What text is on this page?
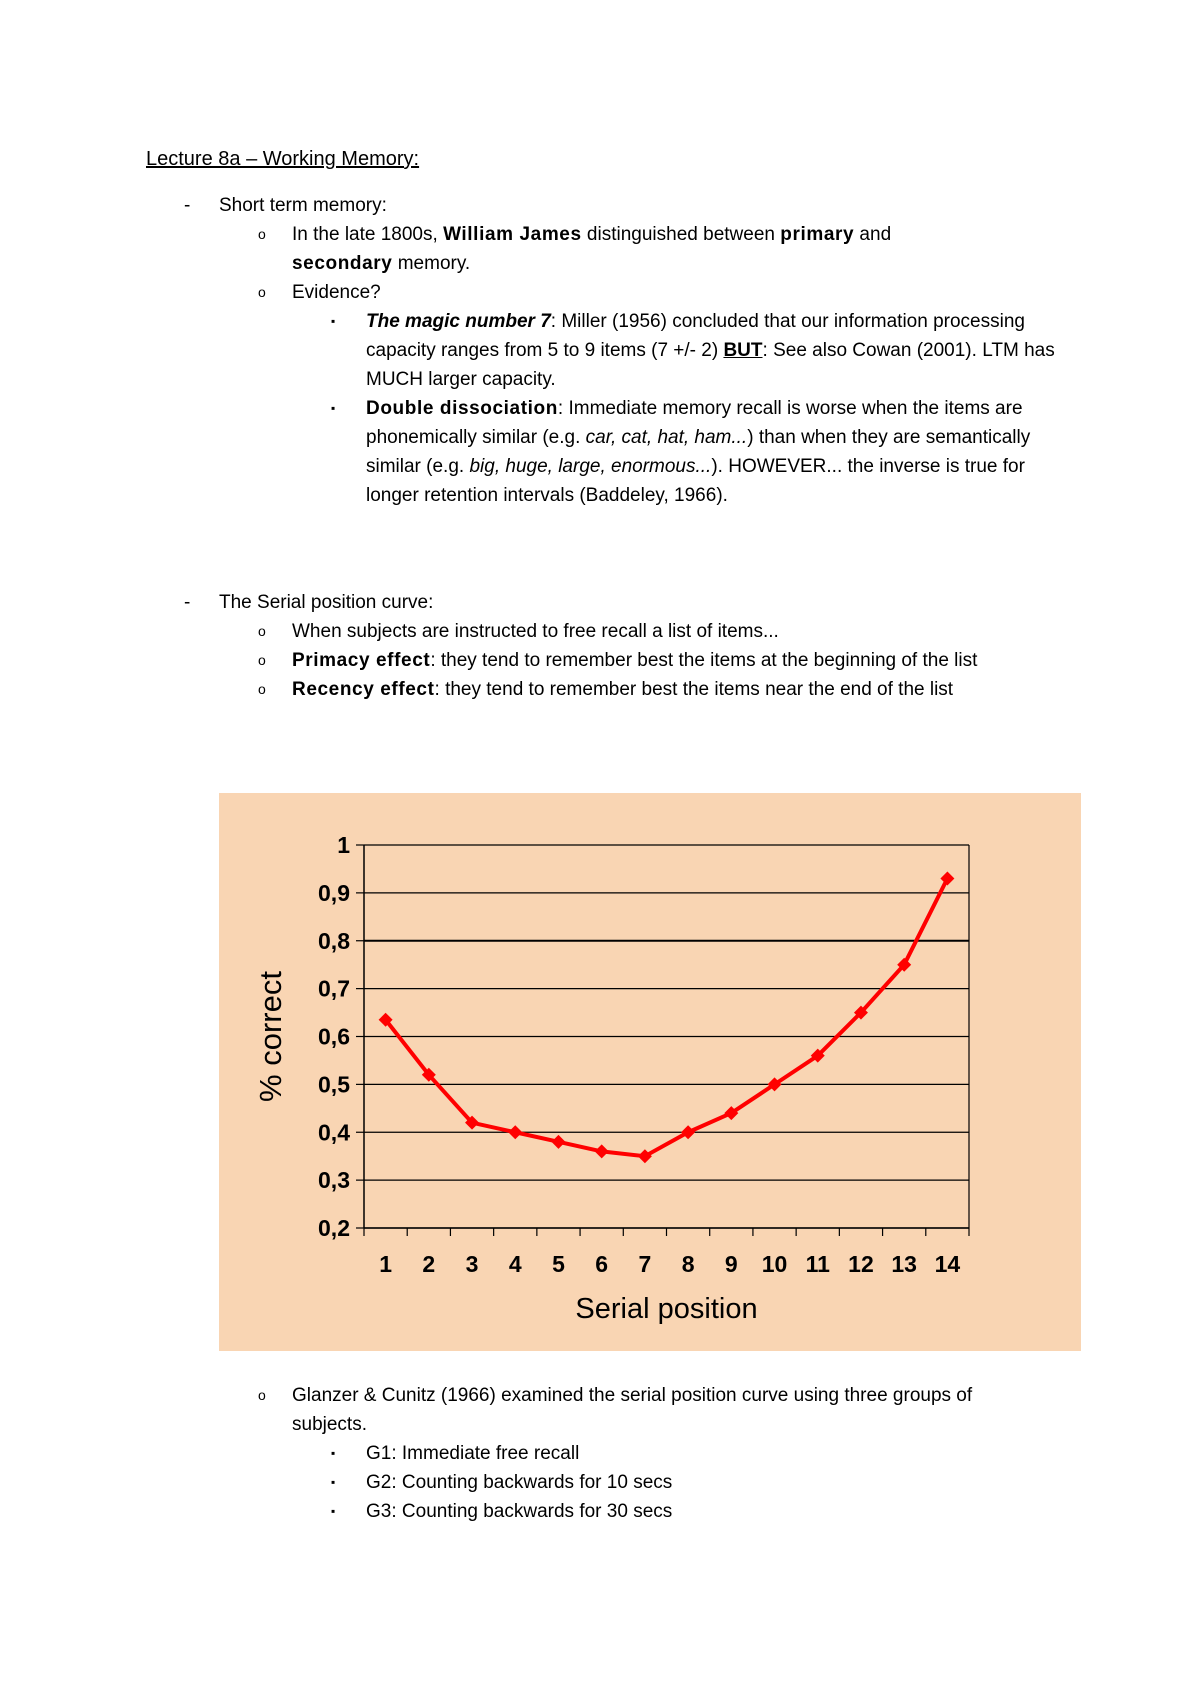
Lecture 8a – Working Memory:
- Short term memory:
o In the late 1800s, William James distinguished between primary and
secondary memory.
o Evidence?
▪ The magic number 7: Miller (1956) concluded that our information processing capacity ranges from 5 to 9 items (7 +/- 2) BUT: See also Cowan (2001). LTM has MUCH larger capacity.
▪ Double dissociation: Immediate memory recall is worse when the items are phonemically similar (e.g. car, cat, hat, ham...) than when they are semantically similar (e.g. big, huge, large, enormous...). HOWEVER... the inverse is true for longer retention intervals (Baddeley, 1966).
- The Serial position curve:
o When subjects are instructed to free recall a list of items...
o Primacy effect: they tend to remember best the items at the beginning of the list
o Recency effect: they tend to remember best the items near the end of the list
1
0,9
0,8
0,7
0,6
0,5
0,4
0,3
0,2
1 2 3 4 5 6 7 8 9 10 11 12 13 14
Serial position
% correct
o Glanzer & Cunitz (1966) examined the serial position curve using three groups of subjects.
▪ G1: Immediate free recall
▪ G2: Counting backwards for 10 secs
▪ G3: Counting backwards for 30 secs
